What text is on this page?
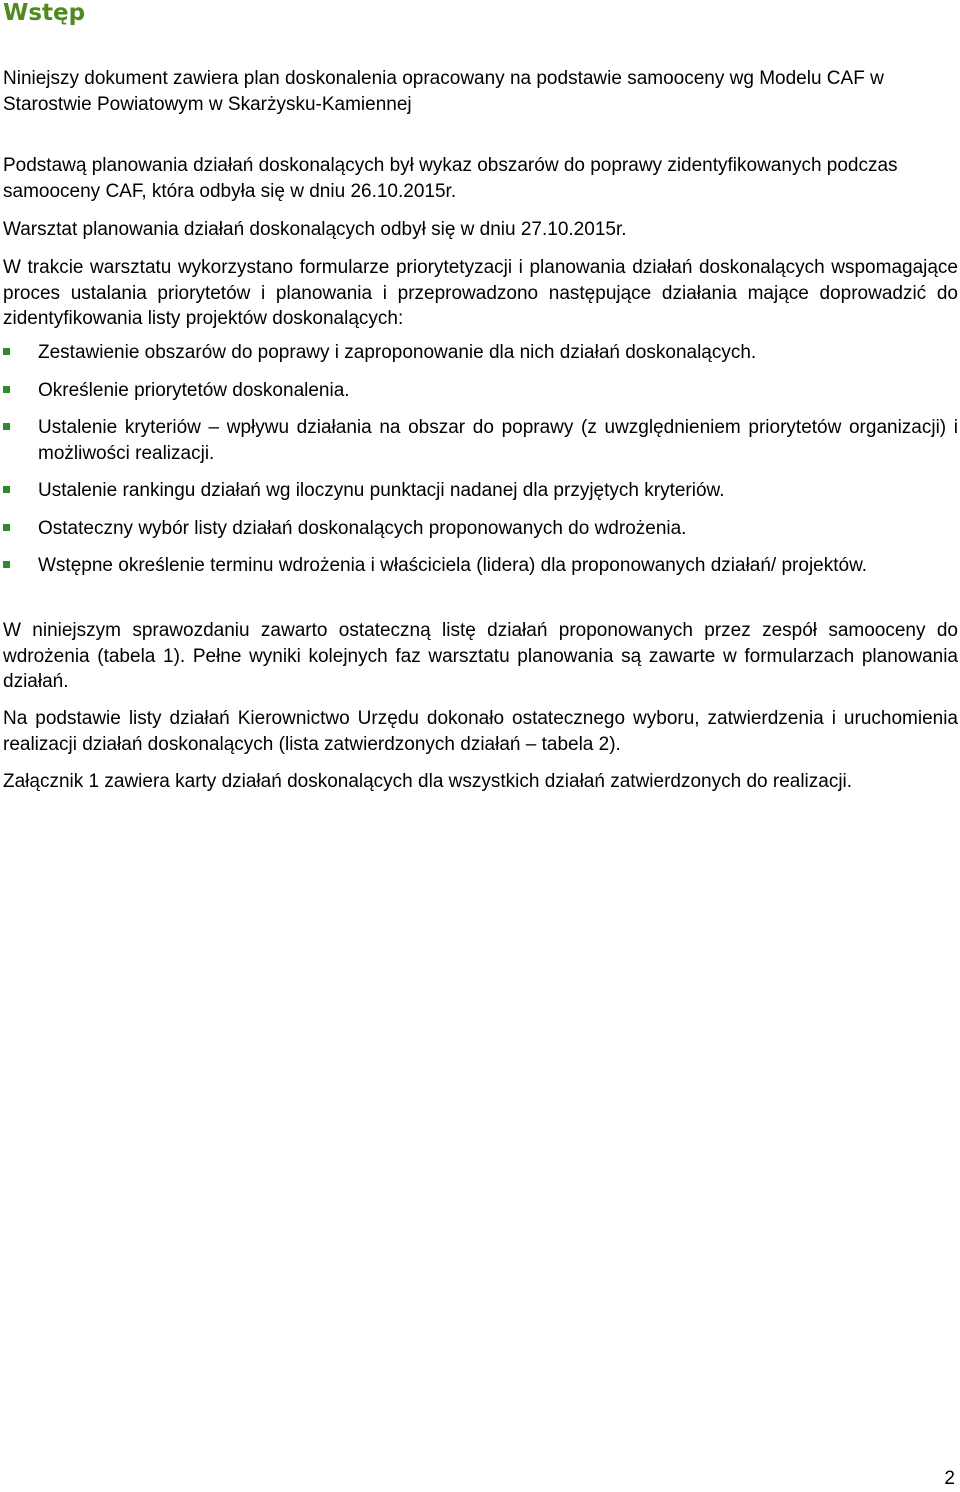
Wstęp

Niniejszy dokument zawiera plan doskonalenia opracowany na podstawie samooceny wg Modelu CAF w Starostwie Powiatowym w Skarżysku-Kamiennej

Podstawą planowania działań doskonalących był wykaz obszarów do poprawy zidentyfikowanych podczas samooceny CAF, która odbyła się w dniu 26.10.2015r.

Warsztat planowania działań doskonalących odbył się w dniu 27.10.2015r.

W trakcie warsztatu wykorzystano formularze priorytetyzacji i planowania działań doskonalących wspomagające proces ustalania priorytetów i planowania i przeprowadzono następujące działania mające doprowadzić do zidentyfikowania listy projektów doskonalących:

Zestawienie obszarów do poprawy i zaproponowanie dla nich działań doskonalących.
Określenie priorytetów doskonalenia.
Ustalenie kryteriów – wpływu działania na obszar do poprawy (z uwzględnieniem priorytetów organizacji) i możliwości realizacji.
Ustalenie rankingu działań wg iloczynu punktacji nadanej dla przyjętych kryteriów.
Ostateczny wybór listy działań doskonalących proponowanych do wdrożenia.
Wstępne określenie terminu wdrożenia i właściciela (lidera) dla proponowanych działań/ projektów.

W niniejszym sprawozdaniu zawarto ostateczną listę działań proponowanych przez zespół samooceny do wdrożenia (tabela 1). Pełne wyniki kolejnych faz warsztatu planowania są zawarte w formularzach planowania działań.

Na podstawie listy działań Kierownictwo Urzędu dokonało ostatecznego wyboru, zatwierdzenia i uruchomienia realizacji działań doskonalących (lista zatwierdzonych działań – tabela 2).

Załącznik 1 zawiera karty działań doskonalących dla wszystkich działań zatwierdzonych do realizacji.

2
